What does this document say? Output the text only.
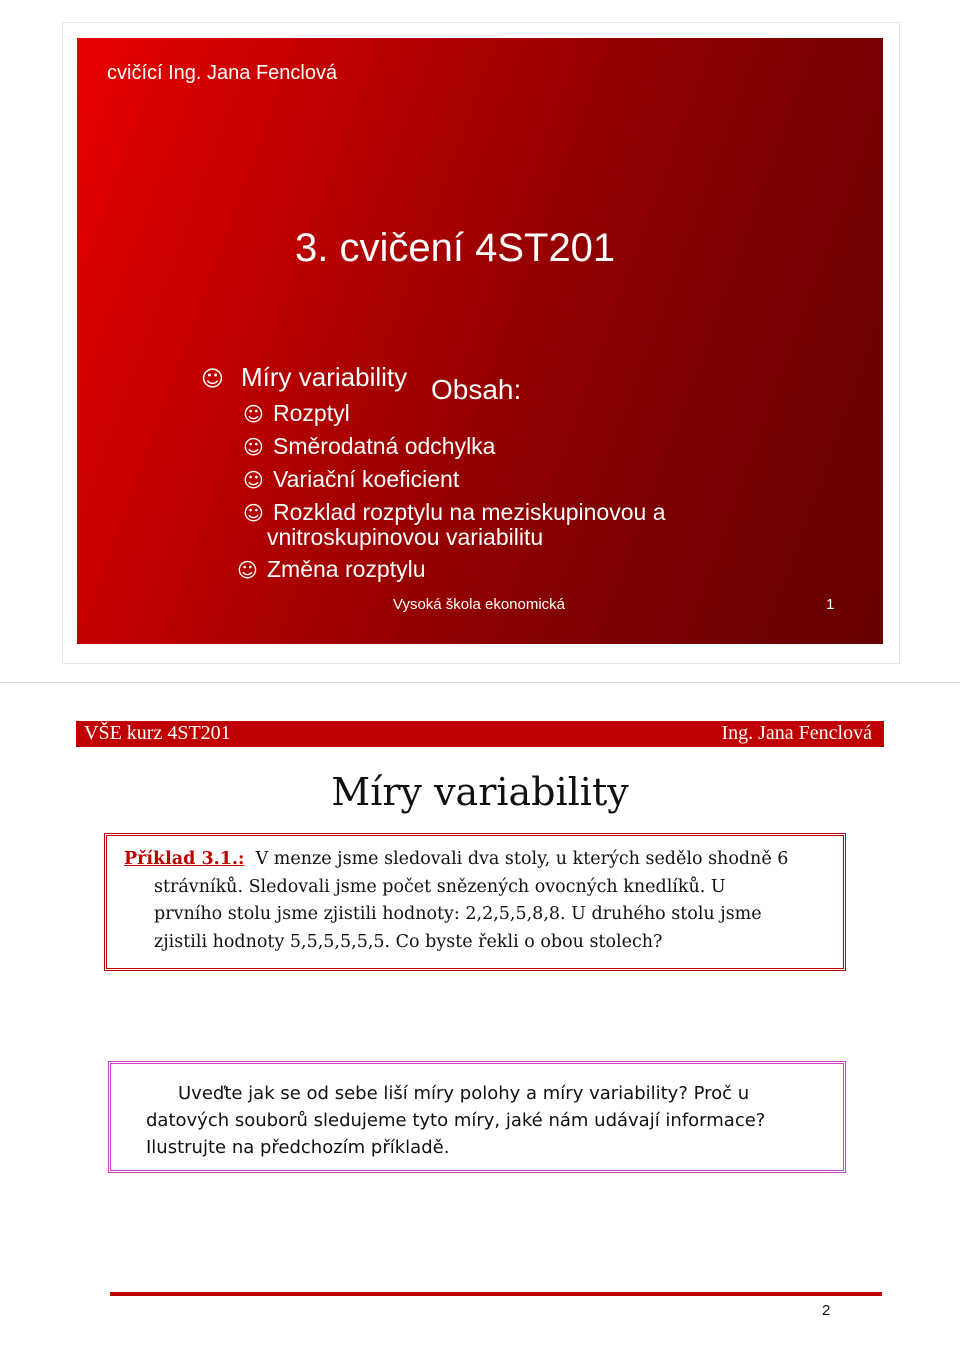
cvičící Ing. Jana Fenclová
3. cvičení 4ST201
Obsah:
☺ Míry variability
☺ Rozptyl
☺ Směrodatná odchylka
☺ Variační koeficient
☺ Rozklad rozptylu na meziskupinovou a
vnitroskupinovou variabilitu
☺ Změna rozptylu
Vysoká škola ekonomická	1
VŠE kurz 4ST201	Ing. Jana Fenclová
Míry variability
Příklad 3.1.: V menze jsme sledovali dva stoly, u kterých sedělo shodně 6
strávníků. Sledovali jsme počet snězených ovocných knedlíků. U
prvního stolu jsme zjistili hodnoty: 2,2,5,5,8,8. U druhého stolu jsme
zjistili hodnoty 5,5,5,5,5,5. Co byste řekli o obou stolech?
Uveďte jak se od sebe liší míry polohy a míry variability? Proč u
datových souborů sledujeme tyto míry, jaké nám udávají informace?
Ilustrujte na předchozím příkladě.
2
